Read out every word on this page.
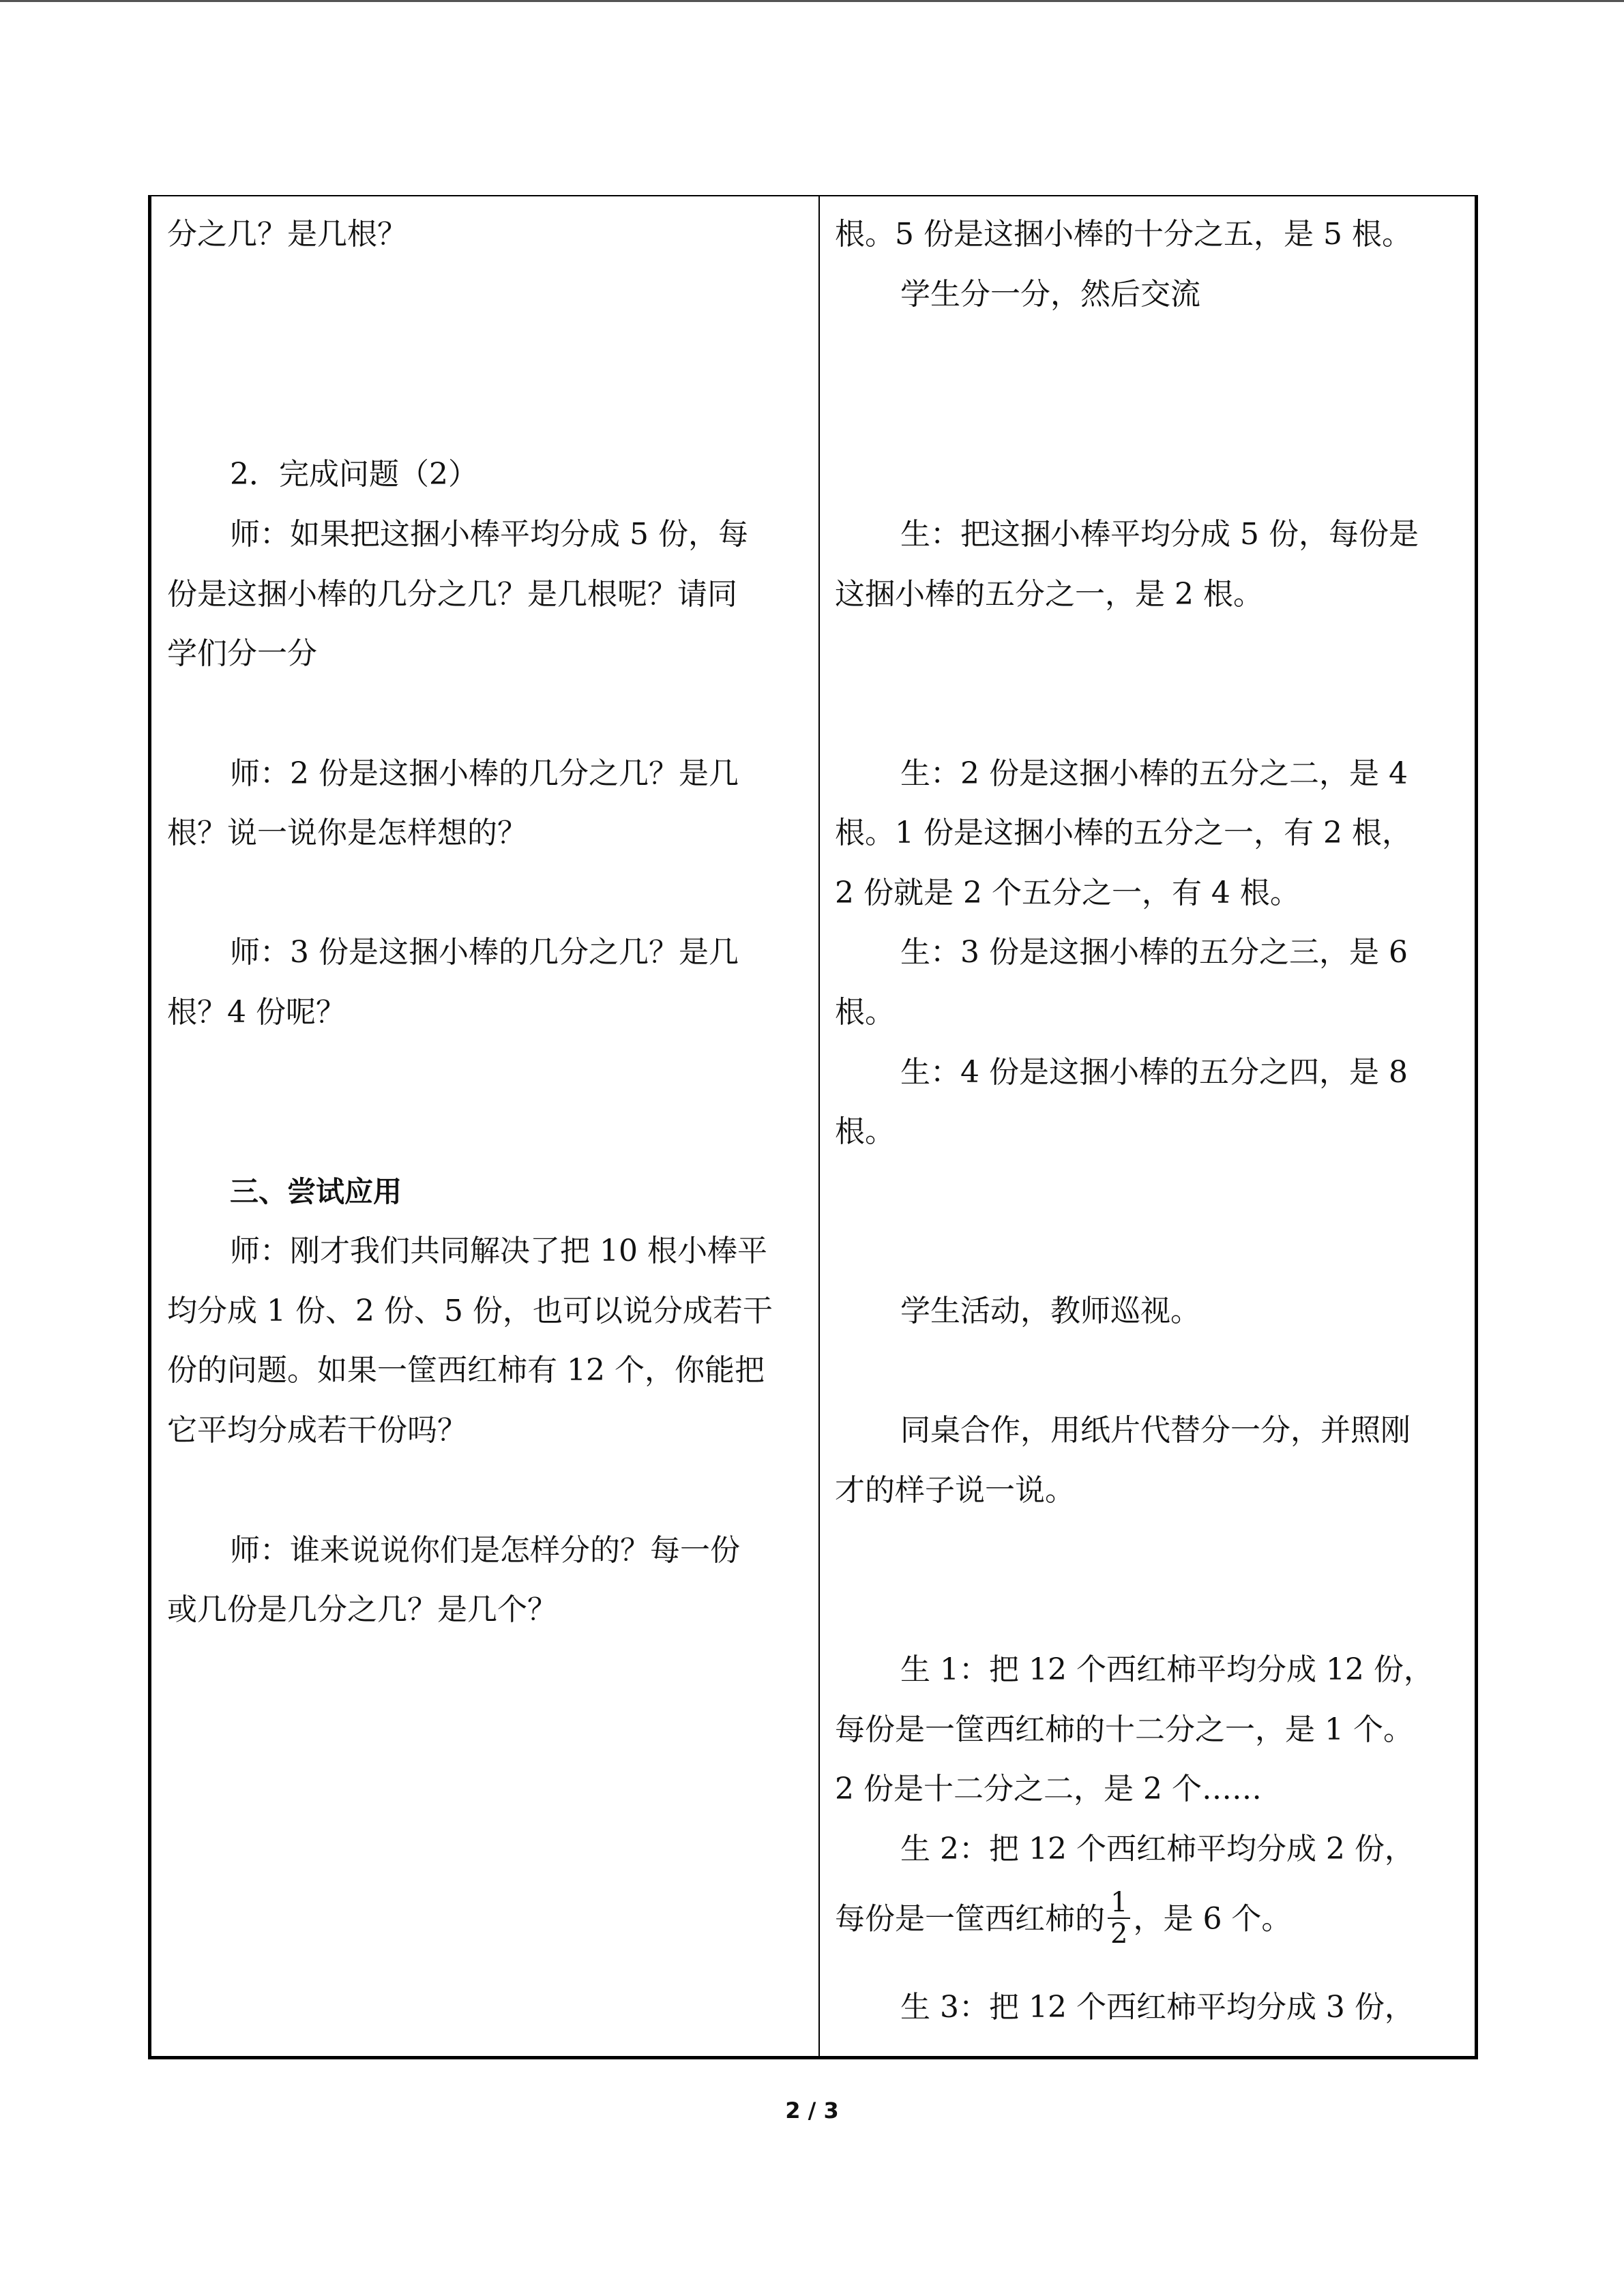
分之几？是几根？
2．完成问题（2）
师：如果把这捆小棒平均分成 5 份，每
份是这捆小棒的几分之几？是几根呢？请同
学们分一分
师：2 份是这捆小棒的几分之几？是几
根？说一说你是怎样想的？
师：3 份是这捆小棒的几分之几？是几
根？4 份呢？
三、尝试应用
师：刚才我们共同解决了把 10 根小棒平
均分成 1 份、2 份、5 份，也可以说分成若干
份的问题。如果一筐西红柿有 12 个，你能把
它平均分成若干份吗？
师：谁来说说你们是怎样分的？每一份
或几份是几分之几？是几个？
根。5 份是这捆小棒的十分之五，是 5 根。
学生分一分，然后交流
生：把这捆小棒平均分成 5 份，每份是
这捆小棒的五分之一，是 2 根。
生：2 份是这捆小棒的五分之二，是 4
根。1 份是这捆小棒的五分之一，有 2 根，
2 份就是 2 个五分之一，有 4 根。
生：3 份是这捆小棒的五分之三，是 6
根。
生：4 份是这捆小棒的五分之四，是 8
根。
学生活动，教师巡视。
同桌合作，用纸片代替分一分，并照刚
才的样子说一说。
生 1：把 12 个西红柿平均分成 12 份，
每份是一筐西红柿的十二分之一，是 1 个。
2 份是十二分之二，是 2 个……
生 2：把 12 个西红柿平均分成 2 份，
每份是一筐西红柿的 $\frac{1}{2}$ ，是 6 个。
生 3：把 12 个西红柿平均分成 3 份，
2 / 3
